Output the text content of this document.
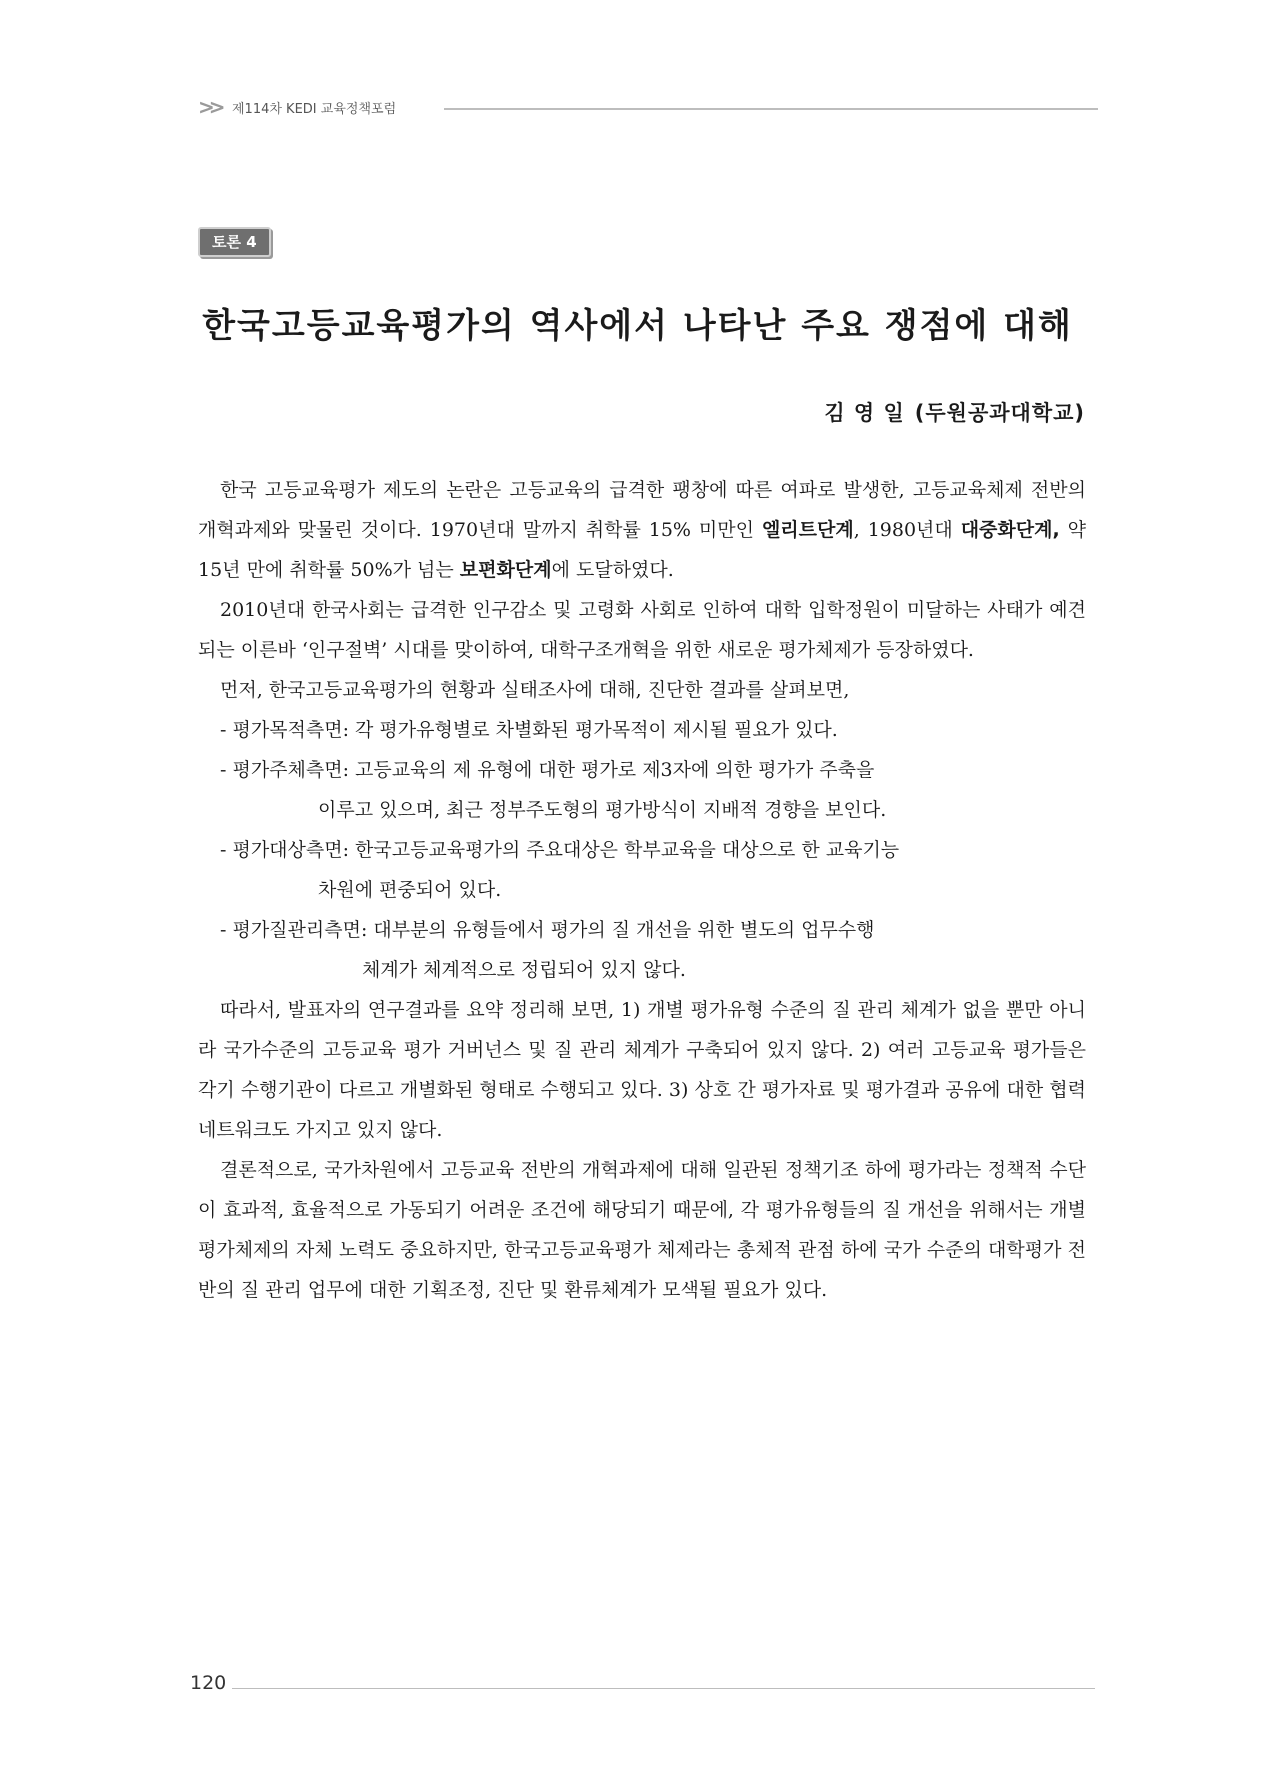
>> 제114차 KEDI 교육정책포럼
토론 4
한국고등교육평가의 역사에서 나타난 주요 쟁점에 대해
김 영 일 (두원공과대학교)

한국 고등교육평가 제도의 논란은 고등교육의 급격한 팽창에 따른 여파로 발생한, 고등교육체제 전반의 개혁과제와 맞물린 것이다. 1970년대 말까지 취학률 15% 미만인 엘리트단계, 1980년대 대중화단계, 약 15년 만에 취학률 50%가 넘는 보편화단계에 도달하였다.

2010년대 한국사회는 급격한 인구감소 및 고령화 사회로 인하여 대학 입학정원이 미달하는 사태가 예견되는 이른바 ‘인구절벽’ 시대를 맞이하여, 대학구조개혁을 위한 새로운 평가체제가 등장하였다.

먼저, 한국고등교육평가의 현황과 실태조사에 대해, 진단한 결과를 살펴보면,

- 평가목적측면: 각 평가유형별로 차별화된 평가목적이 제시될 필요가 있다.
- 평가주체측면: 고등교육의 제 유형에 대한 평가로 제3자에 의한 평가가 주축을
이루고 있으며, 최근 정부주도형의 평가방식이 지배적 경향을 보인다.
- 평가대상측면: 한국고등교육평가의 주요대상은 학부교육을 대상으로 한 교육기능
차원에 편중되어 있다.
- 평가질관리측면: 대부분의 유형들에서 평가의 질 개선을 위한 별도의 업무수행
체계가 체계적으로 정립되어 있지 않다.

따라서, 발표자의 연구결과를 요약 정리해 보면, 1) 개별 평가유형 수준의 질 관리 체계가 없을 뿐만 아니라 국가수준의 고등교육 평가 거버넌스 및 질 관리 체계가 구축되어 있지 않다. 2) 여러 고등교육 평가들은 각기 수행기관이 다르고 개별화된 형태로 수행되고 있다. 3) 상호 간 평가자료 및 평가결과 공유에 대한 협력 네트워크도 가지고 있지 않다.

결론적으로, 국가차원에서 고등교육 전반의 개혁과제에 대해 일관된 정책기조 하에 평가라는 정책적 수단이 효과적, 효율적으로 가동되기 어려운 조건에 해당되기 때문에, 각 평가유형들의 질 개선을 위해서는 개별 평가체제의 자체 노력도 중요하지만, 한국고등교육평가 체제라는 총체적 관점 하에 국가 수준의 대학평가 전반의 질 관리 업무에 대한 기획조정, 진단 및 환류체계가 모색될 필요가 있다.

120
